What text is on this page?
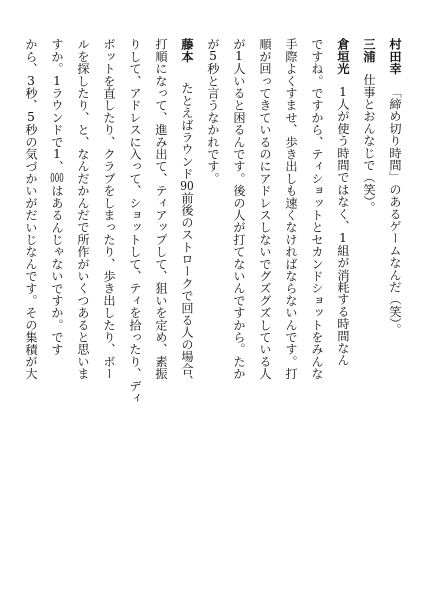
村田幸「締め切り時間」のあるゲームなんだ（笑）。
三浦仕事とおんなじで（笑）。
倉垣光1人が使う時間ではなく、1組が消耗する時間なん
ですね。ですから、ティショットとセカンドショットをみんな
手際よくすませ、歩き出しも速くなければならないんです。打
順が回ってきているのにアドレスしないでグズグズしている人
が1人いると困るんです。後の人が打てないんですから。たか
が5秒と言うなかれです。
藤本たとえばラウンド90前後のストロークで回る人の場合、
打順になって、進み出て、ティアップして、狙いを定め、素振
りして、アドレスに入って、ショットして、ティを拾ったり、ディ
ボットを直したり、クラブをしまったり、歩き出したり、ボー
ルを探したり、と、なんだかんだで所作がいくつあると思いま
すか。1ラウンドで1、000はあるんじゃないですか。です
から、3秒、5秒の気づかいがだいじなんです。その集積が大
